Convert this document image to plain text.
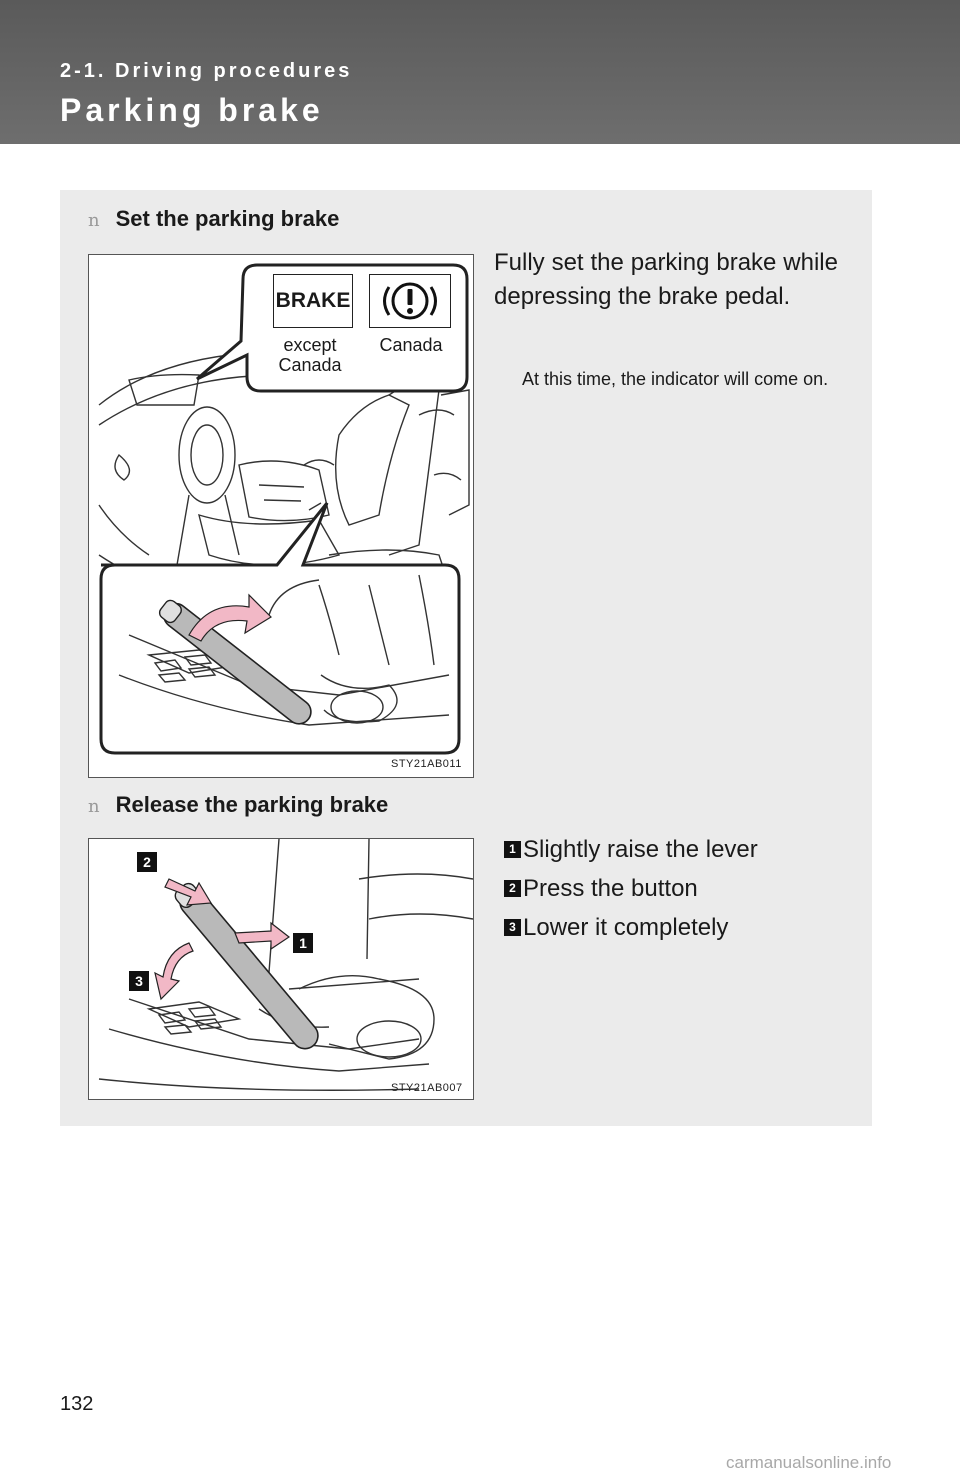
2-1. Driving procedures
Parking brake
n Set the parking brake
STY21AB011
BRAKE
except Canada
Canada
Fully set the parking brake while depressing the brake pedal.
At this time, the indicator will come on.
n Release the parking brake
2
1
3
STY21AB007
1 Slightly raise the lever
2 Press the button
3 Lower it completely
132
carmanualsonline.info
